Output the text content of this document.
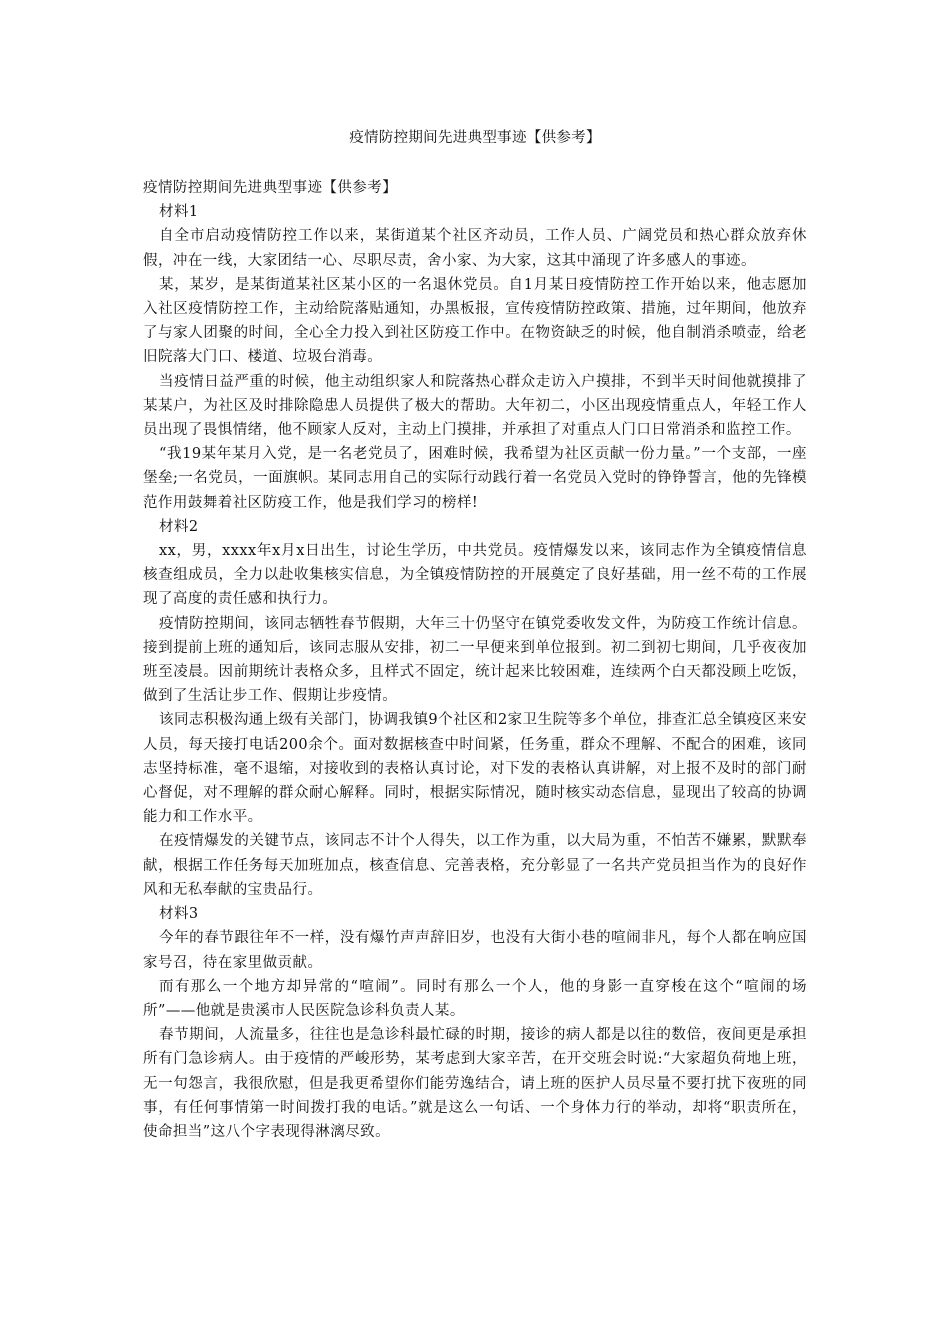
疫情防控期间先进典型事迹【供参考】

疫情防控期间先进典型事迹【供参考】

材料1

自全市启动疫情防控工作以来，某街道某个社区齐动员，工作人员、广阔党员和热心群众放弃休假，冲在一线，大家团结一心、尽职尽责，舍小家、为大家，这其中涌现了许多感人的事迹。

某，某岁，是某街道某社区某小区的一名退休党员。自1月某日疫情防控工作开始以来，他志愿加入社区疫情防控工作，主动给院落贴通知，办黑板报，宣传疫情防控政策、措施，过年期间，他放弃了与家人团聚的时间，全心全力投入到社区防疫工作中。在物资缺乏的时候，他自制消杀喷壶，给老旧院落大门口、楼道、垃圾台消毒。

当疫情日益严重的时候，他主动组织家人和院落热心群众走访入户摸排，不到半天时间他就摸排了某某户，为社区及时排除隐患人员提供了极大的帮助。大年初二，小区出现疫情重点人，年轻工作人员出现了畏惧情绪，他不顾家人反对，主动上门摸排，并承担了对重点人门口日常消杀和监控工作。

“我19某年某月入党，是一名老党员了，困难时候，我希望为社区贡献一份力量。”一个支部，一座堡垒;一名党员，一面旗帜。某同志用自己的实际行动践行着一名党员入党时的铮铮誓言，他的先锋模范作用鼓舞着社区防疫工作，他是我们学习的榜样!

材料2

xx，男，xxxx年x月x日出生，讨论生学历，中共党员。疫情爆发以来，该同志作为全镇疫情信息核查组成员，全力以赴收集核实信息，为全镇疫情防控的开展奠定了良好基础，用一丝不苟的工作展现了高度的责任感和执行力。

疫情防控期间，该同志牺牲春节假期，大年三十仍坚守在镇党委收发文件，为防疫工作统计信息。接到提前上班的通知后，该同志服从安排，初二一早便来到单位报到。初二到初七期间，几乎夜夜加班至凌晨。因前期统计表格众多，且样式不固定，统计起来比较困难，连续两个白天都没顾上吃饭，做到了生活让步工作、假期让步疫情。

该同志积极沟通上级有关部门，协调我镇9个社区和2家卫生院等多个单位，排查汇总全镇疫区来安人员，每天接打电话200余个。面对数据核查中时间紧，任务重，群众不理解、不配合的困难，该同志坚持标准，毫不退缩，对接收到的表格认真讨论，对下发的表格认真讲解，对上报不及时的部门耐心督促，对不理解的群众耐心解释。同时，根据实际情况，随时核实动态信息，显现出了较高的协调能力和工作水平。

在疫情爆发的关键节点，该同志不计个人得失，以工作为重，以大局为重，不怕苦不嫌累，默默奉献，根据工作任务每天加班加点，核查信息、完善表格，充分彰显了一名共产党员担当作为的良好作风和无私奉献的宝贵品行。

材料3

今年的春节跟往年不一样，没有爆竹声声辞旧岁，也没有大街小巷的喧闹非凡，每个人都在响应国家号召，待在家里做贡献。

而有那么一个地方却异常的“喧闹”。同时有那么一个人，他的身影一直穿梭在这个“喧闹的场所”——他就是贵溪市人民医院急诊科负责人某。

春节期间，人流量多，往往也是急诊科最忙碌的时期，接诊的病人都是以往的数倍，夜间更是承担所有门急诊病人。由于疫情的严峻形势，某考虑到大家辛苦，在开交班会时说:“大家超负荷地上班，无一句怨言，我很欣慰，但是我更希望你们能劳逸结合，请上班的医护人员尽量不要打扰下夜班的同事，有任何事情第一时间拨打我的电话。”就是这么一句话、一个身体力行的举动，却将“职责所在，使命担当”这八个字表现得淋漓尽致。
